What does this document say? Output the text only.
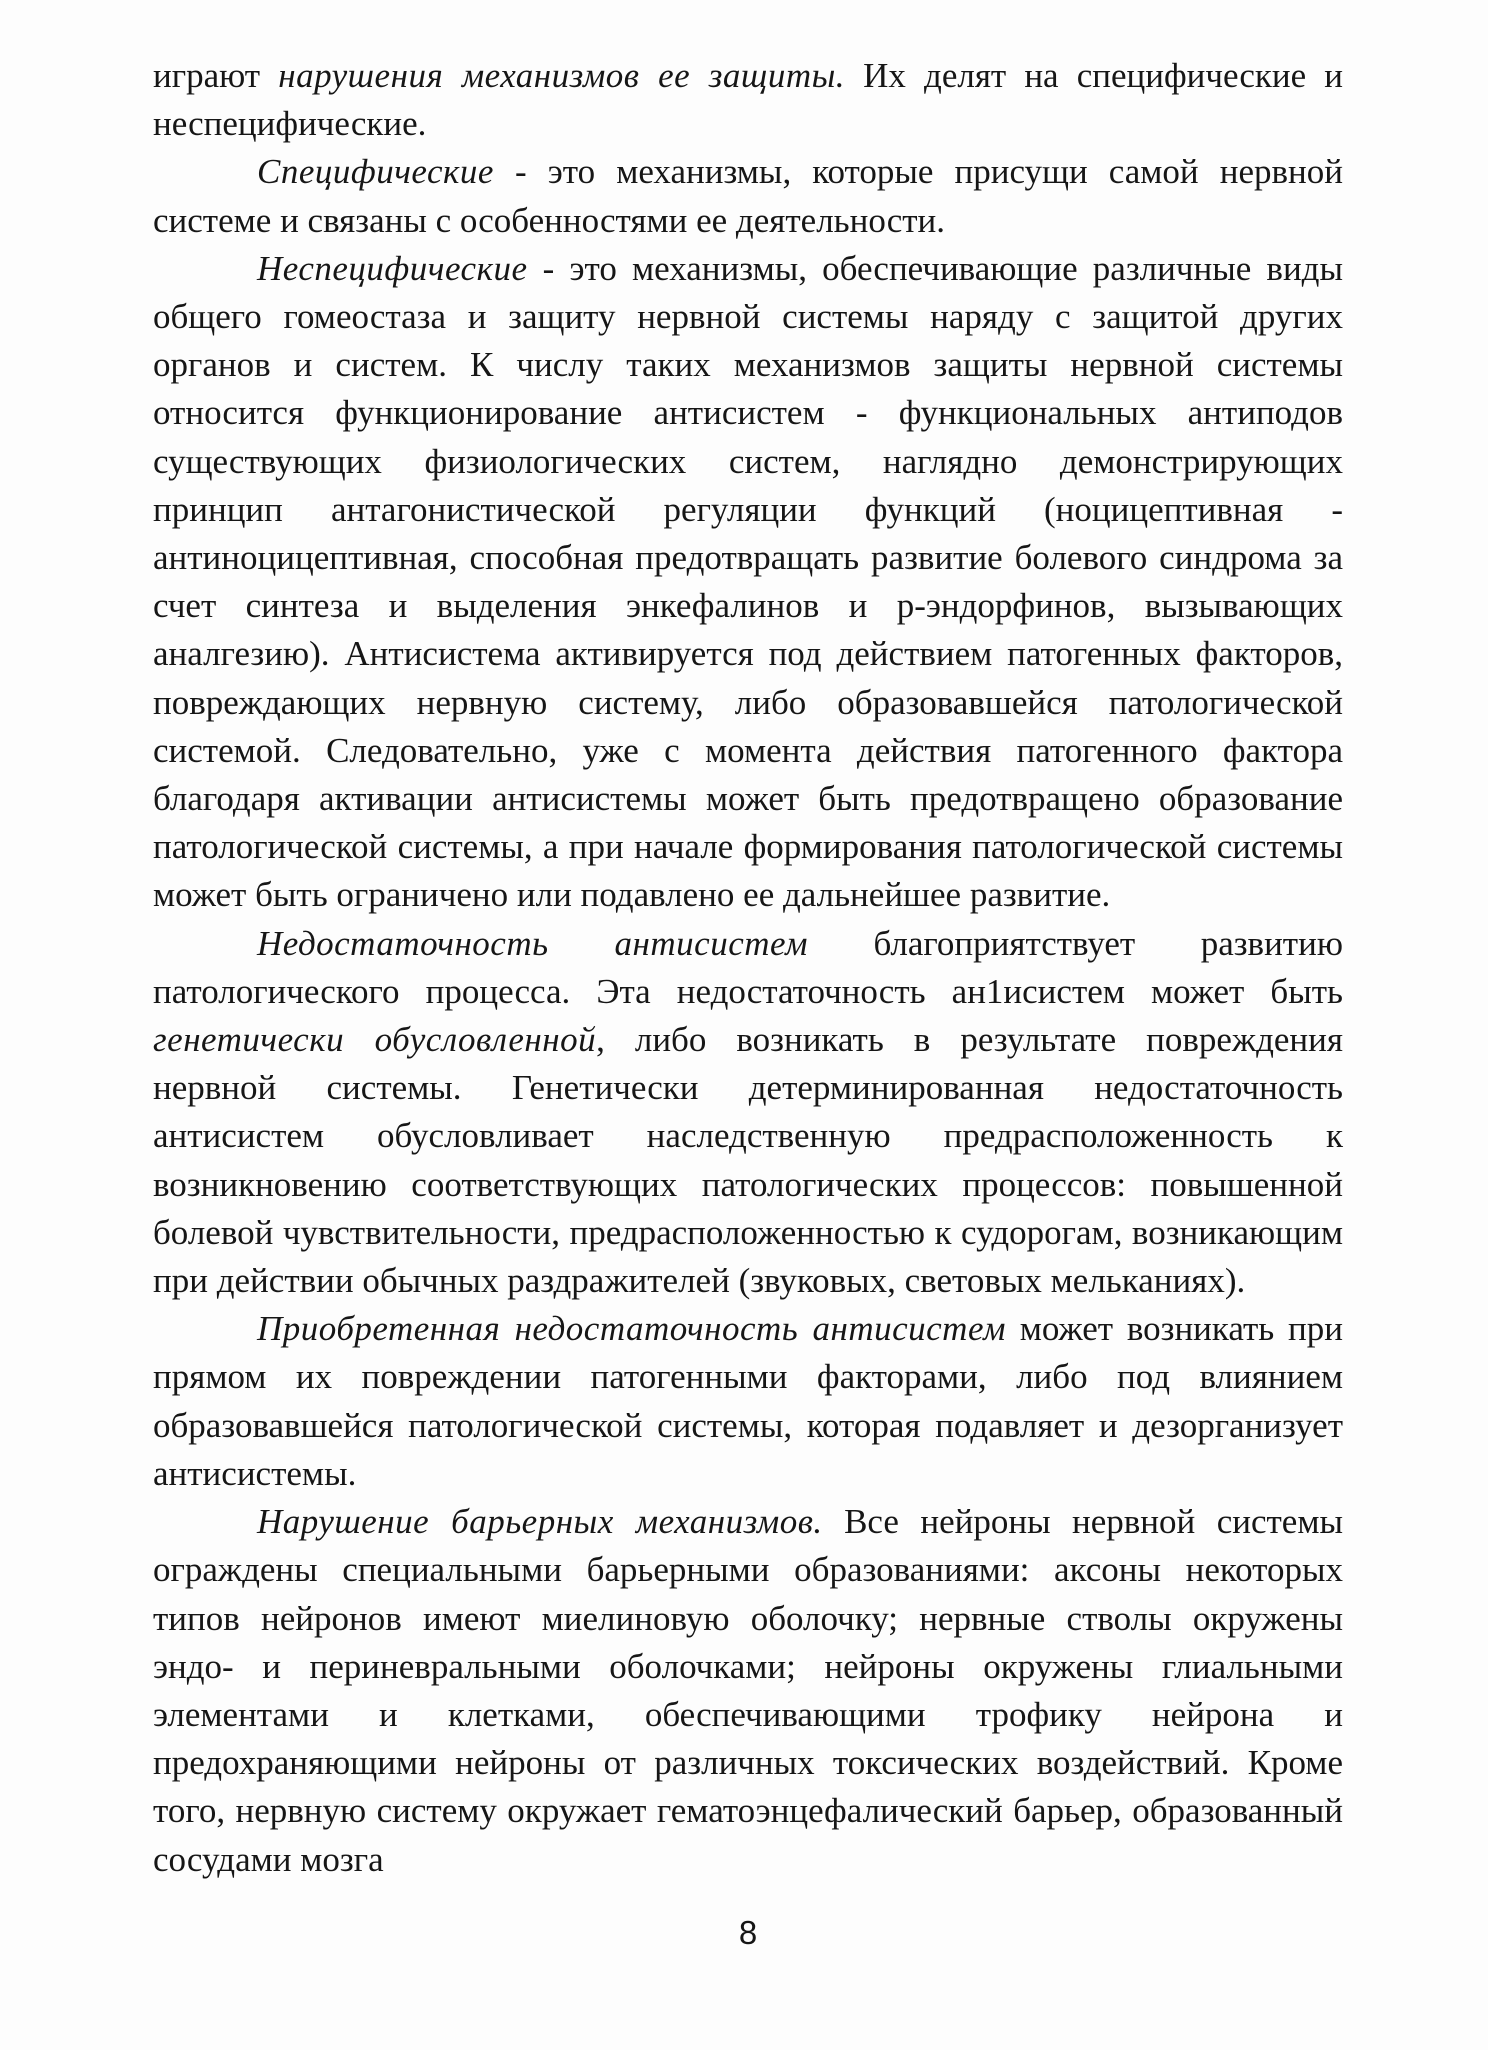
играют нарушения механизмов ее защиты. Их делят на специфические и неспецифические.

Специфические - это механизмы, которые присущи самой нервной системе и связаны с особенностями ее деятельности.

Неспецифические - это механизмы, обеспечивающие различные виды общего гомеостаза и защиту нервной системы наряду с защитой других органов и систем. К числу таких механизмов защиты нервной системы относится функционирование антисистем - функциональных антиподов существующих физиологических систем, наглядно демонстрирующих принцип антагонистической регуляции функций (ноцицептивная - антиноцицептивная, способная предотвращать развитие болевого синдрома за счет синтеза и выделения энкефалинов и р-эндорфинов, вызывающих аналгезию). Антисистема активируется под действием патогенных факторов, повреждающих нервную систему, либо образовавшейся патологической системой. Следовательно, уже с момента действия патогенного фактора благодаря активации антисистемы может быть предотвращено образование патологической системы, а при начале формирования патологической системы может быть ограничено или подавлено ее дальнейшее развитие.

Недостаточность антисистем благоприятствует развитию патологического процесса. Эта недостаточность ан1исистем может быть генетически обусловленной, либо возникать в результате повреждения нервной системы. Генетически детерминированная недостаточность антисистем обусловливает наследственную предрасположенность к возникновению соответствующих патологических процессов: повышенной болевой чувствительности, предрасположенностью к судорогам, возникающим при действии обычных раздражителей (звуковых, световых мельканиях).

Приобретенная недостаточность антисистем может возникать при прямом их повреждении патогенными факторами, либо под влиянием образовавшейся патологической системы, которая подавляет и дезорганизует антисистемы.

Нарушение барьерных механизмов. Все нейроны нервной системы ограждены специальными барьерными образованиями: аксоны некоторых типов нейронов имеют миелиновую оболочку; нервные стволы окружены эндо- и периневральными оболочками; нейроны окружены глиальными элементами и клетками, обеспечивающими трофику нейрона и предохраняющими нейроны от различных токсических воздействий. Кроме того, нервную систему окружает гематоэнцефалический барьер, образованный сосудами мозга

8
